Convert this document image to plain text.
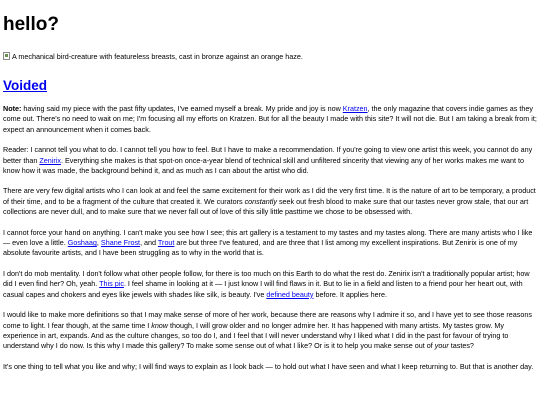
hello?
A mechanical bird-creature with featureless breasts, cast in bronze against an orange haze.
Voided

Note: having said my piece with the past fifty updates, I've earned myself a break. My pride and joy is now Kratzen, the only magazine that covers indie games as they come out. There's no need to wait on me; I'm focusing all my efforts on Kratzen. But for all the beauty I made with this site? It will not die. But I am taking a break from it; expect an announcement when it comes back.

Reader: I cannot tell you what to do. I cannot tell you how to feel. But I have to make a recommendation. If you're going to view one artist this week, you cannot do any better than Zenirix. Everything she makes is that spot-on once-a-year blend of technical skill and unfiltered sincerity that viewing any of her works makes me want to know how it was made, the background behind it, and as much as I can about the artist who did.

There are very few digital artists who I can look at and feel the same excitement for their work as I did the very first time. It is the nature of art to be temporary, a product of their time, and to be a fragment of the culture that created it. We curators constantly seek out fresh blood to make sure that our tastes never grow stale, that our art collections are never dull, and to make sure that we never fall out of love of this silly little pasttime we chose to be obsessed with.

I cannot force your hand on anything. I can't make you see how I see; this art gallery is a testament to my tastes and my tastes along. There are many artists who I like — even love a little. Goshaag, Shane Frost, and Trout are but three I've featured, and are three that I list among my excellent inspirations. But Zenirix is one of my absolute favourite artists, and I have been struggling as to why in the world that is.

I don't do mob mentality. I don't follow what other people follow, for there is too much on this Earth to do what the rest do. Zenirix isn't a traditionally popular artist; how did I even find her? Oh, yeah. This pic. I feel shame in looking at it — I just know I will find flaws in it. But to lie in a field and listen to a friend pour her heart out, with casual capes and chokers and eyes like jewels with shades like silk, is beauty. I've defined beauty before. It applies here.

I would like to make more definitions so that I may make sense of more of her work, because there are reasons why I admire it so, and I have yet to see those reasons come to light. I fear though, at the same time I know though, I will grow older and no longer admire her. It has happened with many artists. My tastes grow. My experience in art, expands. And as the culture changes, so too do I, and I feel that I will never understand why I liked what I did in the past for favour of trying to understand why I do now. Is this why I made this gallery? To make some sense out of what I like? Or is it to help you make sense out of your tastes?

It's one thing to tell what you like and why; I will find ways to explain as I look back — to hold out what I have seen and what I keep returning to. But that is another day.
